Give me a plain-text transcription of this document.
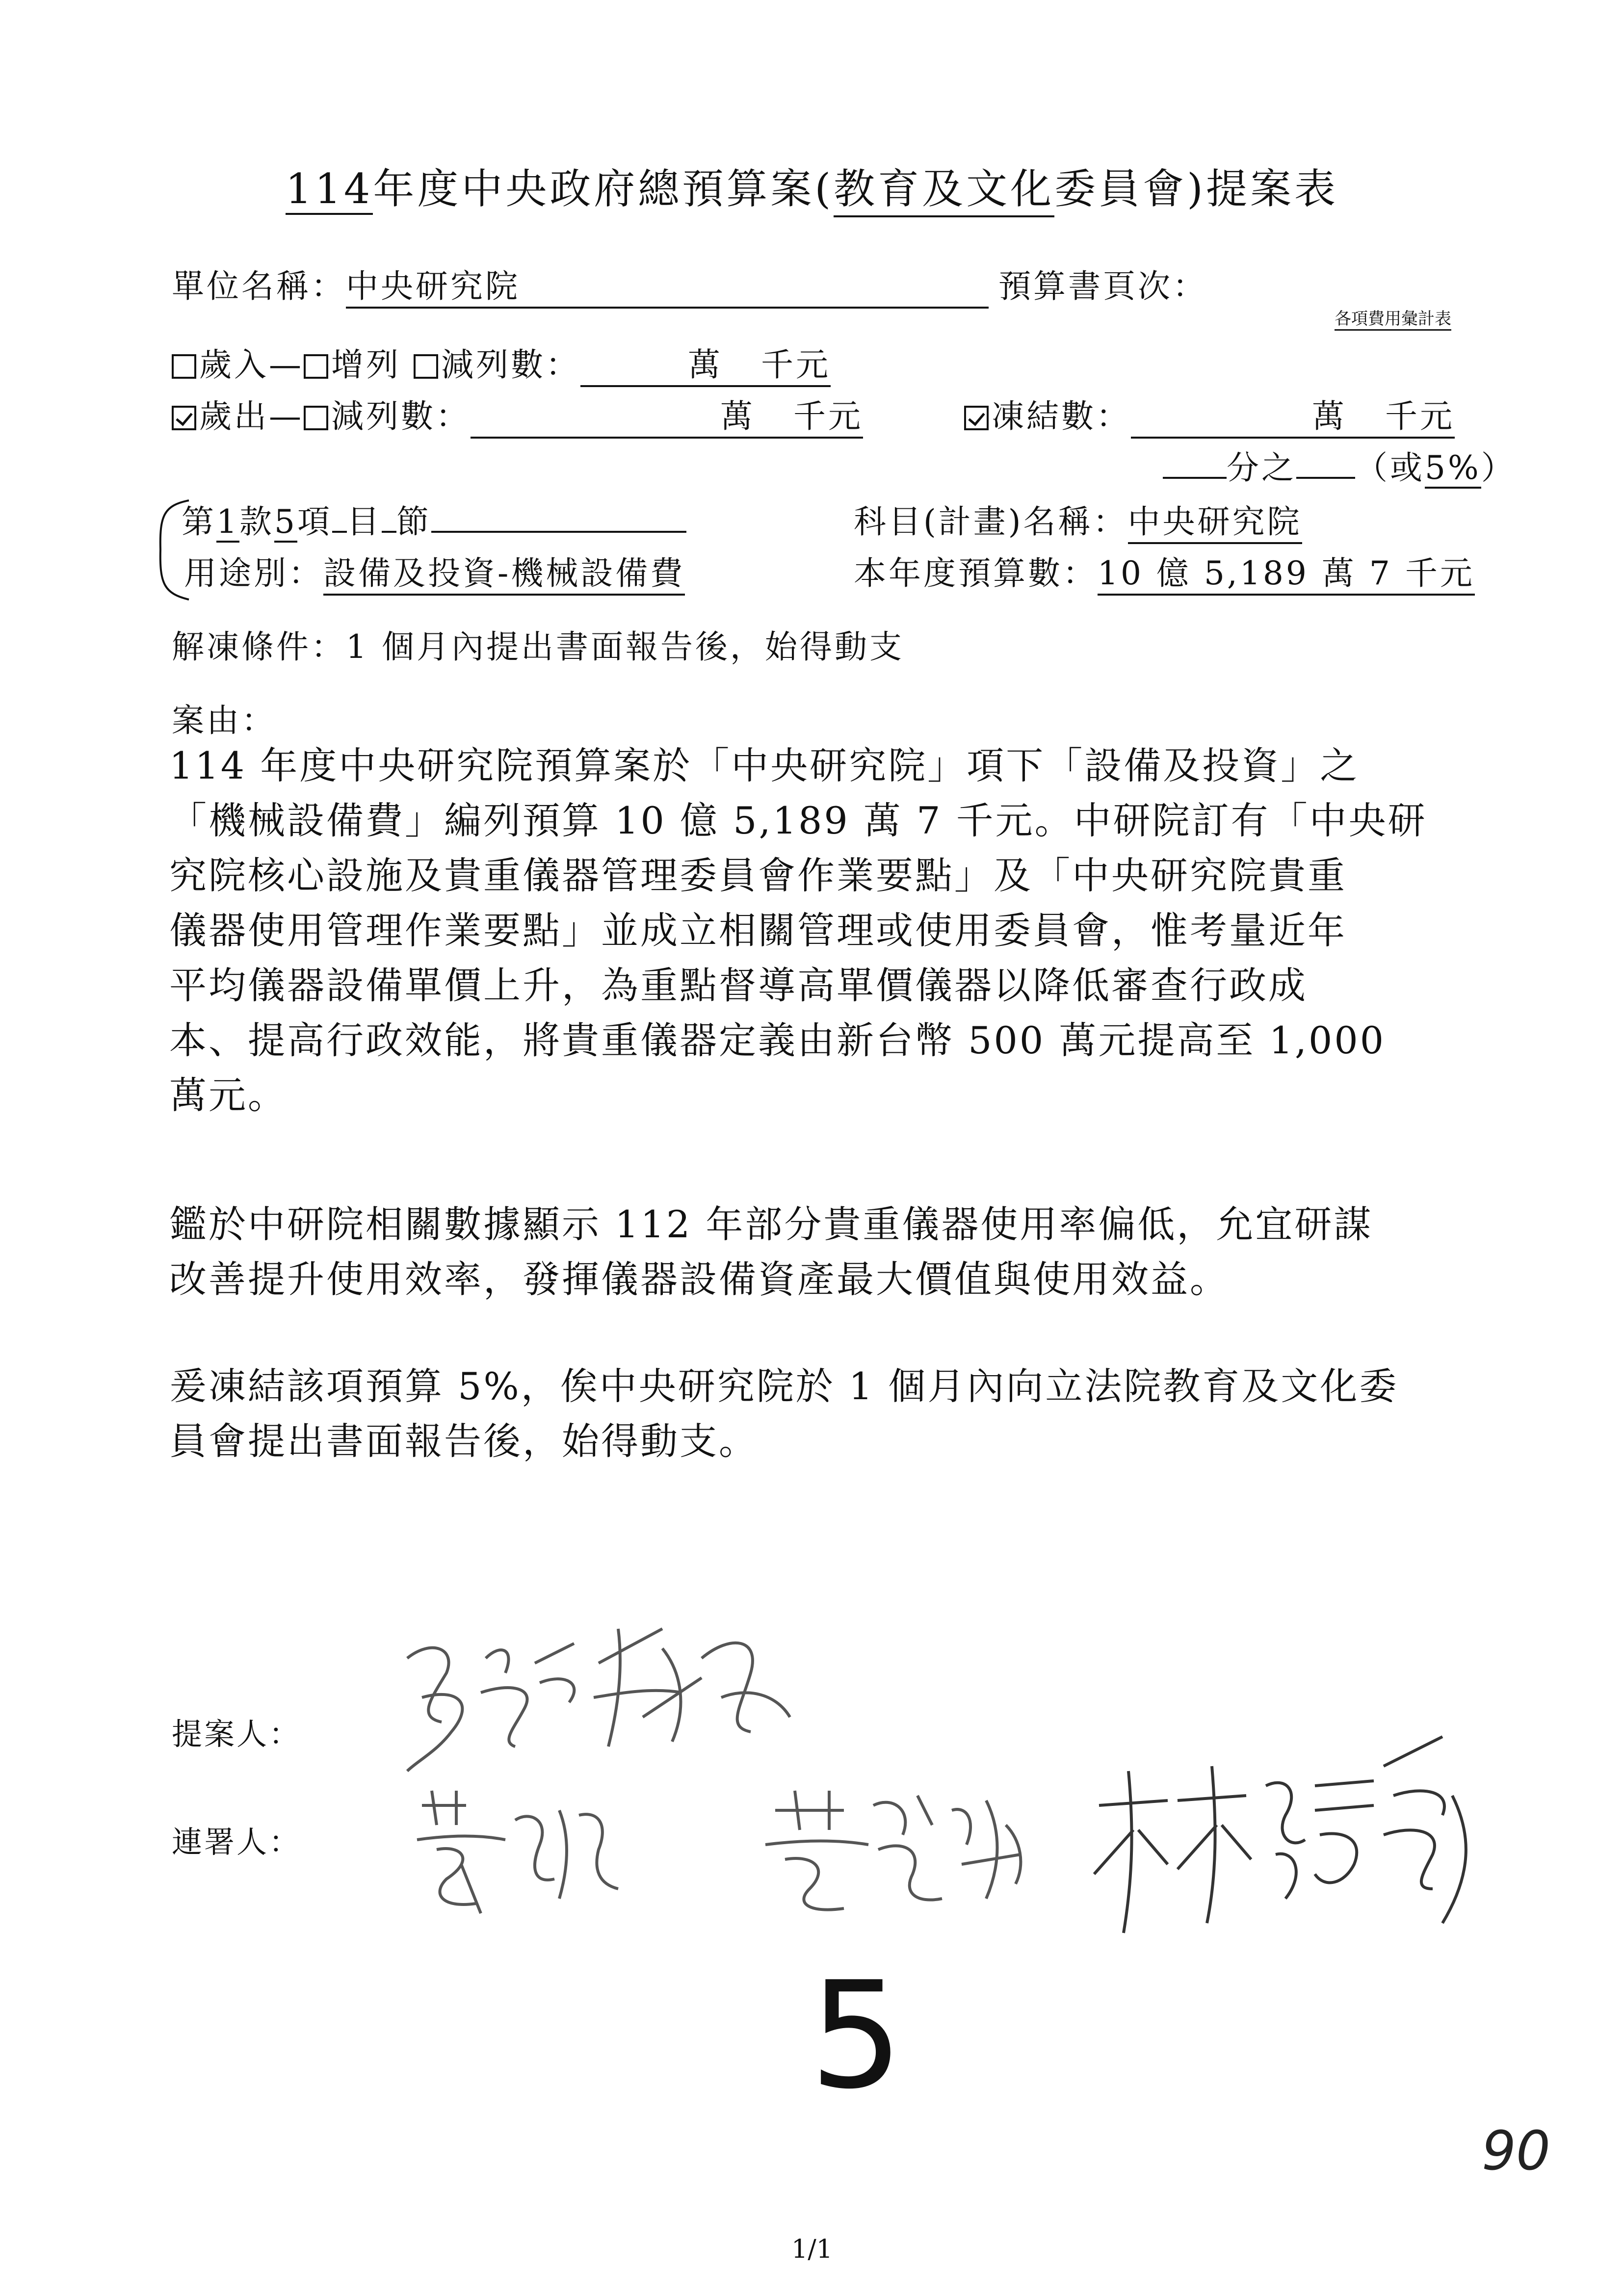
114年度中央政府總預算案(教育及文化委員會)提案表
單位名稱：中央研究院	預算書頁次：
各項費用彙計表
歲入— 增列 減列數：	萬 千元
歲出— 減列數：	萬 千元	凍結數：	萬 千元
分之 （或5%）
第1款5項 目 節	科目(計畫)名稱：中央研究院
用途別：設備及投資-機械設備費	本年度預算數：10 億 5,189 萬 7 千元
解凍條件：1 個月內提出書面報告後，始得動支
案由：
114 年度中央研究院預算案於「中央研究院」項下「設備及投資」之
「機械設備費」編列預算 10 億 5,189 萬 7 千元。中研院訂有「中央研
究院核心設施及貴重儀器管理委員會作業要點」及「中央研究院貴重
儀器使用管理作業要點」並成立相關管理或使用委員會，惟考量近年
平均儀器設備單價上升，為重點督導高單價儀器以降低審查行政成
本、提高行政效能，將貴重儀器定義由新台幣 500 萬元提高至 1,000
萬元。
鑑於中研院相關數據顯示 112 年部分貴重儀器使用率偏低，允宜研謀
改善提升使用效率，發揮儀器設備資產最大價值與使用效益。
爰凍結該項預算 5%，俟中央研究院於 1 個月內向立法院教育及文化委
員會提出書面報告後，始得動支。
提案人：
連署人：
5
90
1/1
